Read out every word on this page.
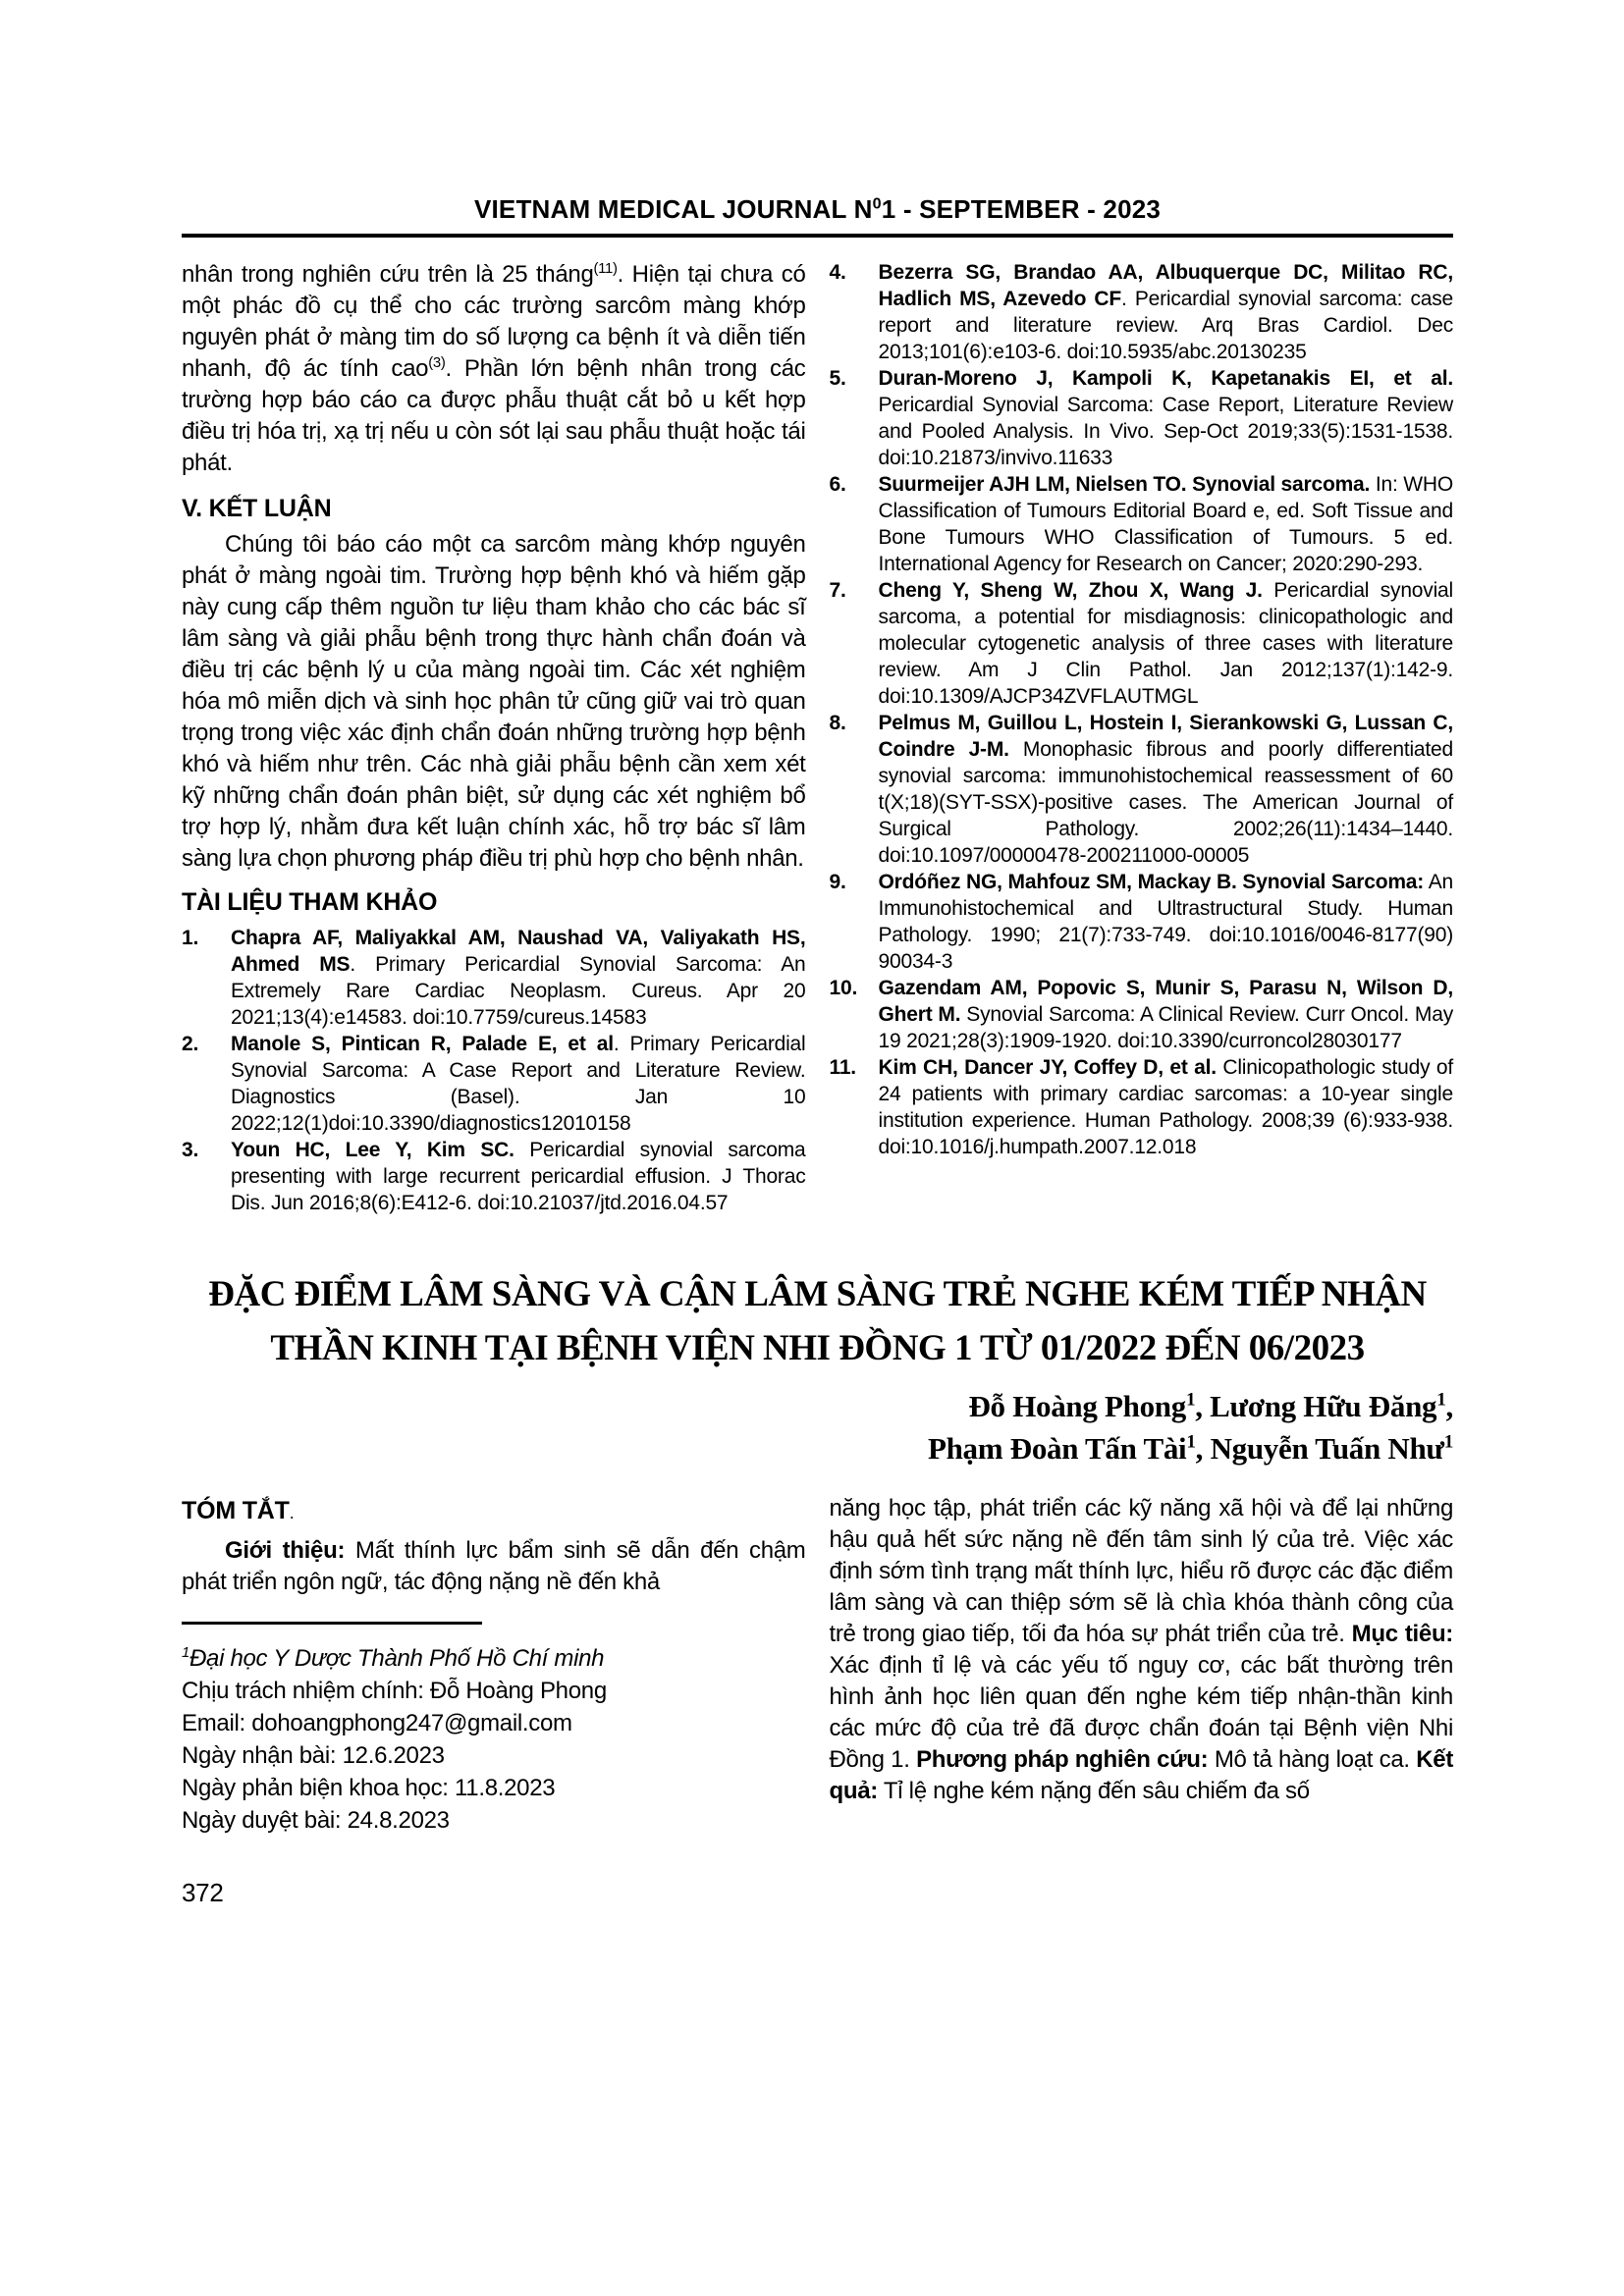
VIETNAM MEDICAL JOURNAL $N^01$ - SEPTEMBER - 2023

nhân trong nghiên cứu trên là 25 tháng$^{(11)}$. Hiện tại chưa có một phác đồ cụ thể cho các trường sarcôm màng khớp nguyên phát ở màng tim do số lượng ca bệnh ít và diễn tiến nhanh, độ ác tính cao$^{(3)}$. Phần lớn bệnh nhân trong các trường hợp báo cáo ca được phẫu thuật cắt bỏ u kết hợp điều trị hóa trị, xạ trị nếu u còn sót lại sau phẫu thuật hoặc tái phát.

V. KẾT LUẬN

Chúng tôi báo cáo một ca sarcôm màng khớp nguyên phát ở màng ngoài tim. Trường hợp bệnh khó và hiếm gặp này cung cấp thêm nguồn tư liệu tham khảo cho các bác sĩ lâm sàng và giải phẫu bệnh trong thực hành chẩn đoán và điều trị các bệnh lý u của màng ngoài tim. Các xét nghiệm hóa mô miễn dịch và sinh học phân tử cũng giữ vai trò quan trọng trong việc xác định chẩn đoán những trường hợp bệnh khó và hiếm như trên. Các nhà giải phẫu bệnh cần xem xét kỹ những chẩn đoán phân biệt, sử dụng các xét nghiệm bổ trợ hợp lý, nhằm đưa kết luận chính xác, hỗ trợ bác sĩ lâm sàng lựa chọn phương pháp điều trị phù hợp cho bệnh nhân.

TÀI LIỆU THAM KHẢO
1. Chapra AF, Maliyakkal AM, Naushad VA, Valiyakath HS, Ahmed MS. Primary Pericardial Synovial Sarcoma: An Extremely Rare Cardiac Neoplasm. Cureus. Apr 20 2021;13(4):e14583. doi:10.7759/cureus.14583
2. Manole S, Pintican R, Palade E, et al. Primary Pericardial Synovial Sarcoma: A Case Report and Literature Review. Diagnostics (Basel). Jan 10 2022;12(1)doi:10.3390/diagnostics12010158
3. Youn HC, Lee Y, Kim SC. Pericardial synovial sarcoma presenting with large recurrent pericardial effusion. J Thorac Dis. Jun 2016;8(6):E412-6. doi:10.21037/jtd.2016.04.57
4. Bezerra SG, Brandao AA, Albuquerque DC, Militao RC, Hadlich MS, Azevedo CF. Pericardial synovial sarcoma: case report and literature review. Arq Bras Cardiol. Dec 2013;101(6):e103-6. doi:10.5935/abc.20130235
5. Duran-Moreno J, Kampoli K, Kapetanakis EI, et al. Pericardial Synovial Sarcoma: Case Report, Literature Review and Pooled Analysis. In Vivo. Sep-Oct 2019;33(5):1531-1538. doi:10.21873/invivo.11633
6. Suurmeijer AJH LM, Nielsen TO. Synovial sarcoma. In: WHO Classification of Tumours Editorial Board e, ed. Soft Tissue and Bone Tumours WHO Classification of Tumours. 5 ed. International Agency for Research on Cancer; 2020:290-293.
7. Cheng Y, Sheng W, Zhou X, Wang J. Pericardial synovial sarcoma, a potential for misdiagnosis: clinicopathologic and molecular cytogenetic analysis of three cases with literature review. Am J Clin Pathol. Jan 2012;137(1):142-9. doi:10.1309/AJCP34ZVFLAUTMGL
8. Pelmus M, Guillou L, Hostein I, Sierankowski G, Lussan C, Coindre J-M. Monophasic fibrous and poorly differentiated synovial sarcoma: immunohistochemical reassessment of 60 t(X;18)(SYT-SSX)-positive cases. The American Journal of Surgical Pathology. 2002;26(11):1434–1440. doi:10.1097/00000478-200211000-00005
9. Ordóñez NG, Mahfouz SM, Mackay B. Synovial Sarcoma: An Immunohistochemical and Ultrastructural Study. Human Pathology. 1990; 21(7):733-749. doi:10.1016/0046-8177(90) 90034-3
10. Gazendam AM, Popovic S, Munir S, Parasu N, Wilson D, Ghert M. Synovial Sarcoma: A Clinical Review. Curr Oncol. May 19 2021;28(3):1909-1920. doi:10.3390/curroncol28030177
11. Kim CH, Dancer JY, Coffey D, et al. Clinicopathologic study of 24 patients with primary cardiac sarcomas: a 10-year single institution experience. Human Pathology. 2008;39 (6):933-938. doi:10.1016/j.humpath.2007.12.018
ĐẶC ĐIỂM LÂM SÀNG VÀ CẬN LÂM SÀNG TRẺ NGHE KÉM TIẾP NHẬN
THẦN KINH TẠI BỆNH VIỆN NHI ĐỒNG 1 TỪ 01/2022 ĐẾN 06/2023
Đỗ Hoàng Phong$^1$, Lương Hữu Đăng$^1$,
Phạm Đoàn Tấn Tài$^1$, Nguyễn Tuấn Như$^1$
TÓM TẮT.

Giới thiệu: Mất thính lực bẩm sinh sẽ dẫn đến chậm phát triển ngôn ngữ, tác động nặng nề đến khả

$^1$Đại học Y Dược Thành Phố Hồ Chí minh

Chịu trách nhiệm chính: Đỗ Hoàng Phong

Email: dohoangphong247@gmail.com

Ngày nhận bài: 12.6.2023

Ngày phản biện khoa học: 11.8.2023

Ngày duyệt bài: 24.8.2023

năng học tập, phát triển các kỹ năng xã hội và để lại những hậu quả hết sức nặng nề đến tâm sinh lý của trẻ. Việc xác định sớm tình trạng mất thính lực, hiểu rõ được các đặc điểm lâm sàng và can thiệp sớm sẽ là chìa khóa thành công của trẻ trong giao tiếp, tối đa hóa sự phát triển của trẻ. Mục tiêu: Xác định tỉ lệ và các yếu tố nguy cơ, các bất thường trên hình ảnh học liên quan đến nghe kém tiếp nhận-thần kinh các mức độ của trẻ đã được chẩn đoán tại Bệnh viện Nhi Đồng 1. Phương pháp nghiên cứu: Mô tả hàng loạt ca. Kết quả: Tỉ lệ nghe kém nặng đến sâu chiếm đa số

372
